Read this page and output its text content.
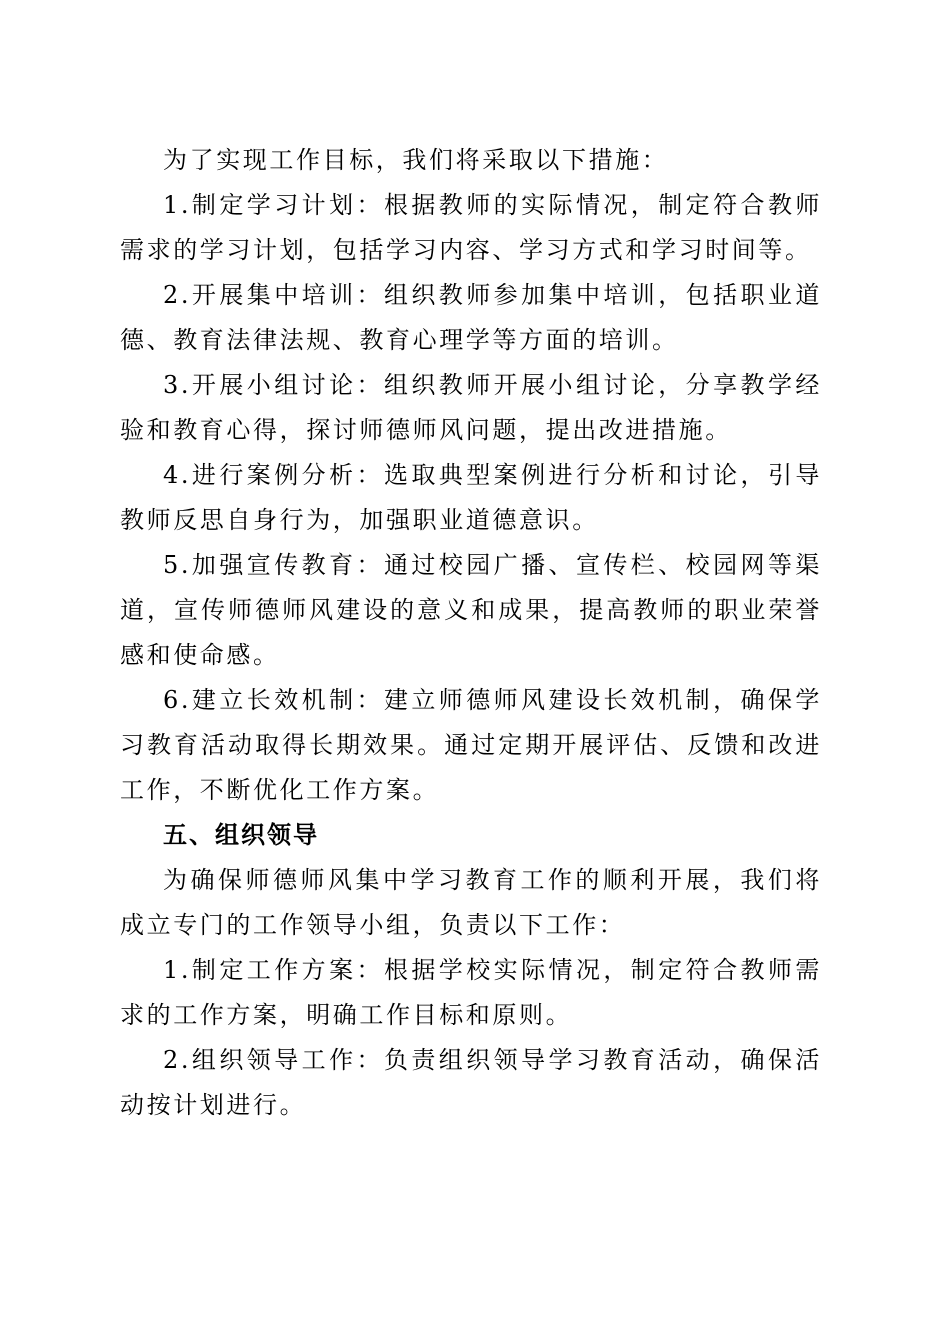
为了实现工作目标，我们将采取以下措施：

1.制定学习计划：根据教师的实际情况，制定符合教师需求的学习计划，包括学习内容、学习方式和学习时间等。

2.开展集中培训：组织教师参加集中培训，包括职业道德、教育法律法规、教育心理学等方面的培训。

3.开展小组讨论：组织教师开展小组讨论，分享教学经验和教育心得，探讨师德师风问题，提出改进措施。

4.进行案例分析：选取典型案例进行分析和讨论，引导教师反思自身行为，加强职业道德意识。

5.加强宣传教育：通过校园广播、宣传栏、校园网等渠道，宣传师德师风建设的意义和成果，提高教师的职业荣誉感和使命感。

6.建立长效机制：建立师德师风建设长效机制，确保学习教育活动取得长期效果。通过定期开展评估、反馈和改进工作，不断优化工作方案。

五、组织领导

为确保师德师风集中学习教育工作的顺利开展，我们将成立专门的工作领导小组，负责以下工作：

1.制定工作方案：根据学校实际情况，制定符合教师需求的工作方案，明确工作目标和原则。

2.组织领导工作：负责组织领导学习教育活动，确保活动按计划进行。
